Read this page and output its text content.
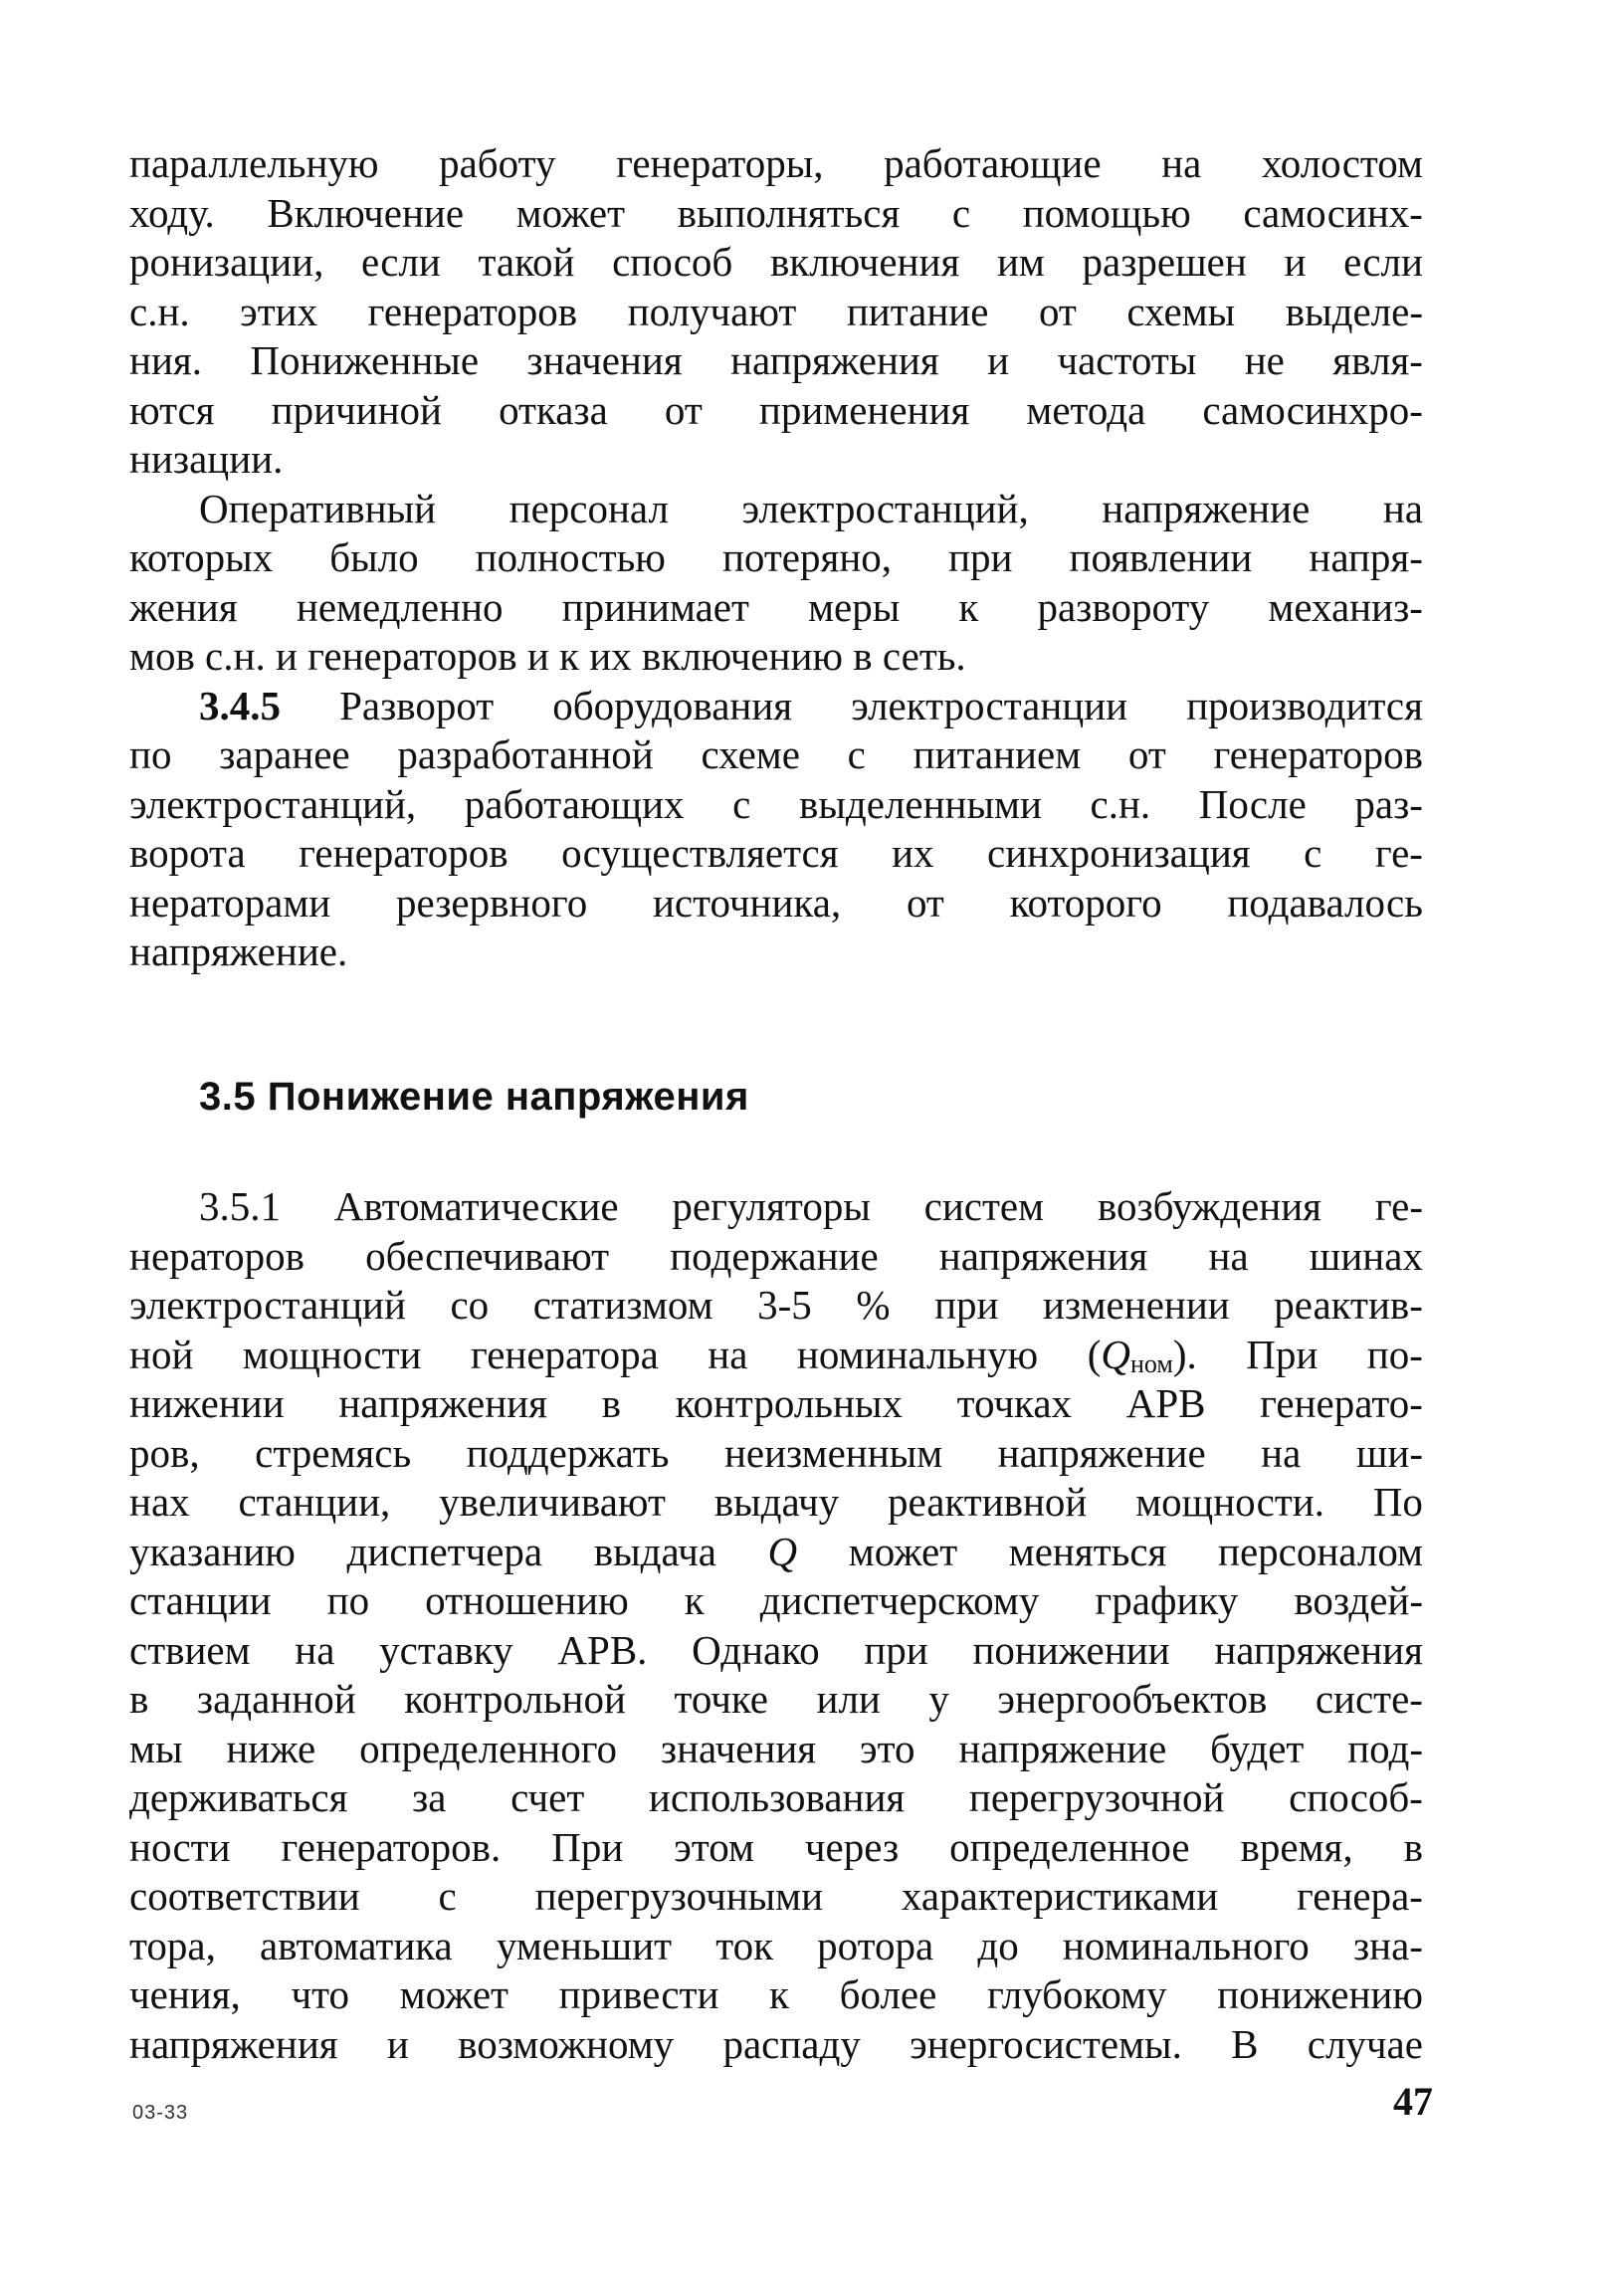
параллельную работу генераторы, работающие на холостом
ходу. Включение может выполняться с помощью самосинх-
ронизации, если такой способ включения им разрешен и если
с.н. этих генераторов получают питание от схемы выделе-
ния. Пониженные значения напряжения и частоты не явля-
ются причиной отказа от применения метода самосинхро-
низации.
Оперативный персонал электростанций, напряжение на
которых было полностью потеряно, при появлении напря-
жения немедленно принимает меры к развороту механиз-
мов с.н. и генераторов и к их включению в сеть.
3.4.5 Разворот оборудования электростанции производится
по заранее разработанной схеме с питанием от генераторов
электростанций, работающих с выделенными с.н. После раз-
ворота генераторов осуществляется их синхронизация с ге-
нераторами резервного источника, от которого подавалось
напряжение.
3.5 Понижение напряжения
3.5.1 Автоматические регуляторы систем возбуждения ге-
нераторов обеспечивают подержание напряжения на шинах
электростанций со статизмом 3-5 % при изменении реактив-
ной мощности генератора на номинальную $(Q_{ном})$. При по-
нижении напряжения в контрольных точках АРВ генерато-
ров, стремясь поддержать неизменным напряжение на ши-
нах станции, увеличивают выдачу реактивной мощности. По
указанию диспетчера выдача Q может меняться персоналом
станции по отношению к диспетчерскому графику воздей-
ствием на уставку АРВ. Однако при понижении напряжения
в заданной контрольной точке или у энергообъектов систе-
мы ниже определенного значения это напряжение будет под-
держиваться за счет использования перегрузочной способ-
ности генераторов. При этом через определенное время, в
соответствии с перегрузочными характеристиками генера-
тора, автоматика уменьшит ток ротора до номинального зна-
чения, что может привести к более глубокому понижению
напряжения и возможному распаду энергосистемы. В случае
03-33	47
